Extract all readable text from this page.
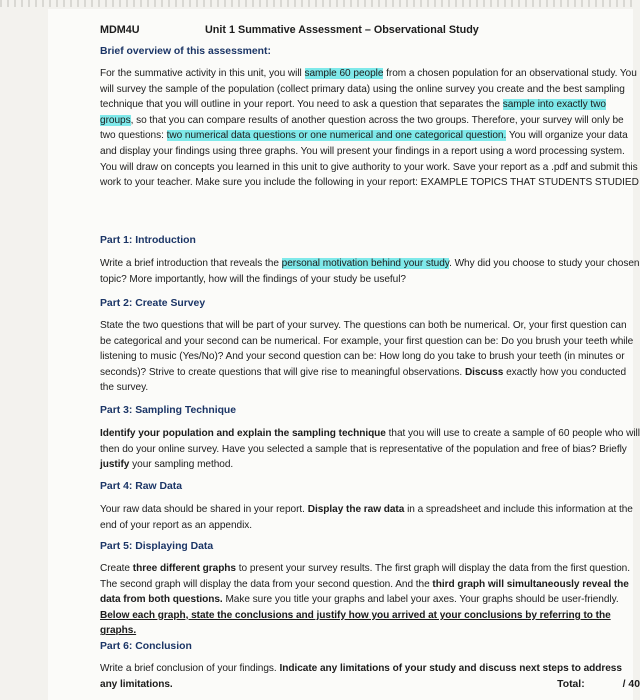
MDM4U	Unit 1 Summative Assessment – Observational Study
Brief overview of this assessment:

For the summative activity in this unit, you will sample 60 people from a chosen population for an observational study. You will survey the sample of the population (collect primary data) using the online survey you create and the best sampling technique that you will outline in your report. You need to ask a question that separates the sample into exactly two groups, so that you can compare results of another question across the two groups. Therefore, your survey will only be two questions: two numerical data questions or one numerical and one categorical question. You will organize your data and display your findings using three graphs. You will present your findings in a report using a word processing system. You will draw on concepts you learned in this unit to give authority to your work. Save your report as a .pdf and submit this work to your teacher. Make sure you include the following in your report: EXAMPLE TOPICS THAT STUDENTS STUDIED

Part 1: Introduction

Write a brief introduction that reveals the personal motivation behind your study. Why did you choose to study your chosen topic? More importantly, how will the findings of your study be useful?

Part 2: Create Survey

State the two questions that will be part of your survey. The questions can both be numerical. Or, your first question can be categorical and your second can be numerical. For example, your first question can be: Do you brush your teeth while listening to music (Yes/No)? And your second question can be: How long do you take to brush your teeth (in minutes or seconds)? Strive to create questions that will give rise to meaningful observations. Discuss exactly how you conducted the survey.

Part 3: Sampling Technique

Identify your population and explain the sampling technique that you will use to create a sample of 60 people who will then do your online survey. Have you selected a sample that is representative of the population and free of bias? Briefly justify your sampling method.

Part 4: Raw Data

Your raw data should be shared in your report. Display the raw data in a spreadsheet and include this information at the end of your report as an appendix.

Part 5: Displaying Data

Create three different graphs to present your survey results. The first graph will display the data from the first question. The second graph will display the data from your second question. And the third graph will simultaneously reveal the data from both questions. Make sure you title your graphs and label your axes. Your graphs should be user-friendly. Below each graph, state the conclusions and justify how you arrived at your conclusions by referring to the graphs.

Part 6: Conclusion

Write a brief conclusion of your findings. Indicate any limitations of your study and discuss next steps to address any limitations.	Total:	/ 40
